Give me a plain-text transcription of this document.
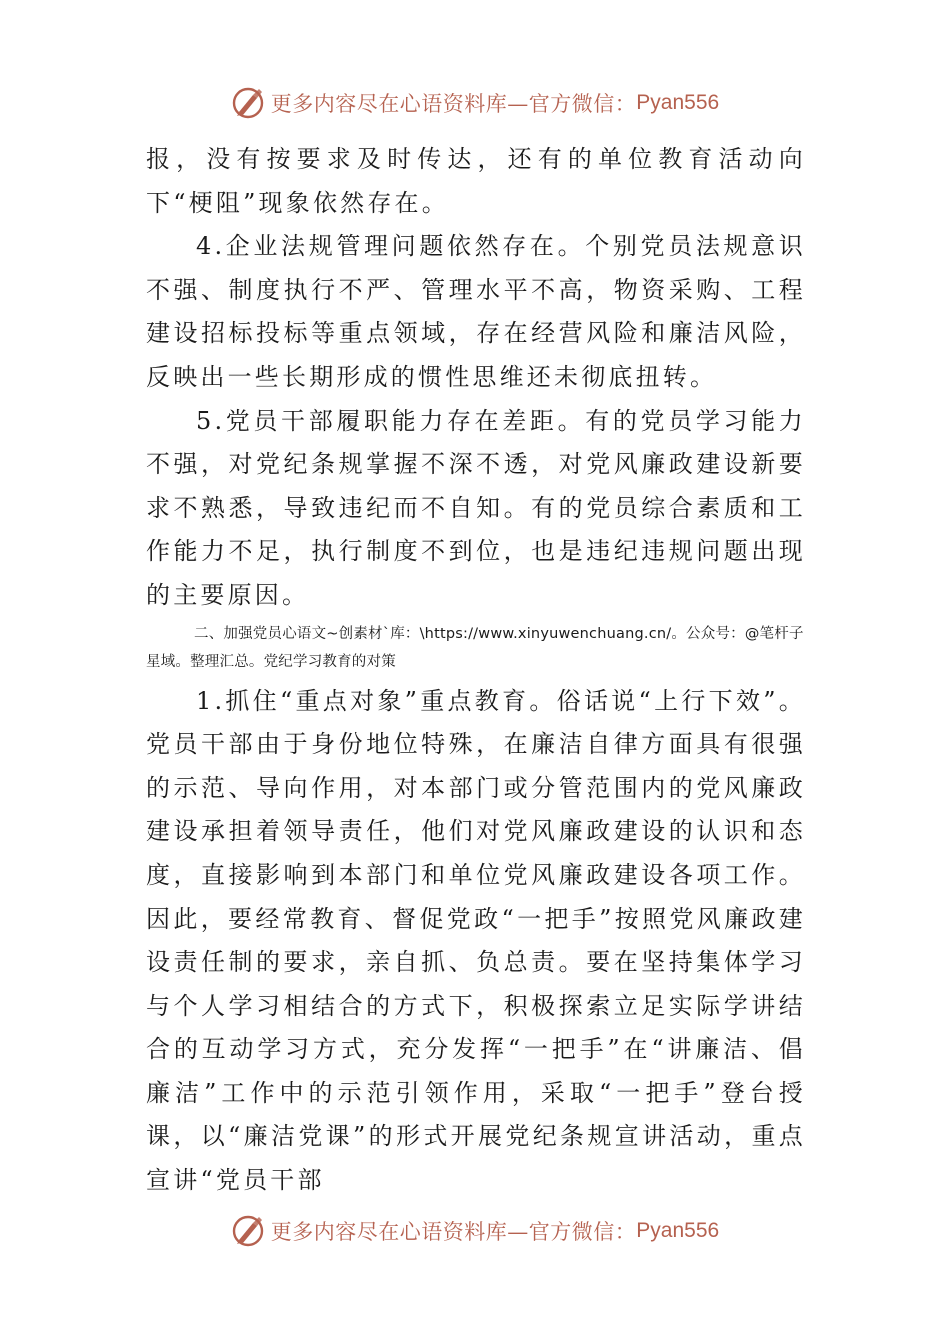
更多内容尽在心语资料库—官方微信： Pyan556

报，没有按要求及时传达，还有的单位教育活动向下“梗阻”现象依然存在。

4.企业法规管理问题依然存在。个别党员法规意识不强、制度执行不严、管理水平不高，物资采购、工程建设招标投标等重点领域，存在经营风险和廉洁风险，反映出一些长期形成的惯性思维还未彻底扭转。

5.党员干部履职能力存在差距。有的党员学习能力不强，对党纪条规掌握不深不透，对党风廉政建设新要求不熟悉，导致违纪而不自知。有的党员综合素质和工作能力不足，执行制度不到位，也是违纪违规问题出现的主要原因。

二、加强党员心语文~创素材`库：\https://www.xinyuwenchuang.cn/。公众号：@笔杆子星域。整理汇总。党纪学习教育的对策

1.抓住“重点对象”重点教育。俗话说“上行下效”。党员干部由于身份地位特殊，在廉洁自律方面具有很强的示范、导向作用，对本部门或分管范围内的党风廉政建设承担着领导责任，他们对党风廉政建设的认识和态度，直接影响到本部门和单位党风廉政建设各项工作。因此，要经常教育、督促党政“一把手”按照党风廉政建设责任制的要求，亲自抓、负总责。要在坚持集体学习与个人学习相结合的方式下，积极探索立足实际学讲结合的互动学习方式，充分发挥“一把手”在“讲廉洁、倡廉洁”工作中的示范引领作用，采取“一把手”登台授课，以“廉洁党课”的形式开展党纪条规宣讲活动，重点宣讲“党员干部

更多内容尽在心语资料库—官方微信： Pyan556
